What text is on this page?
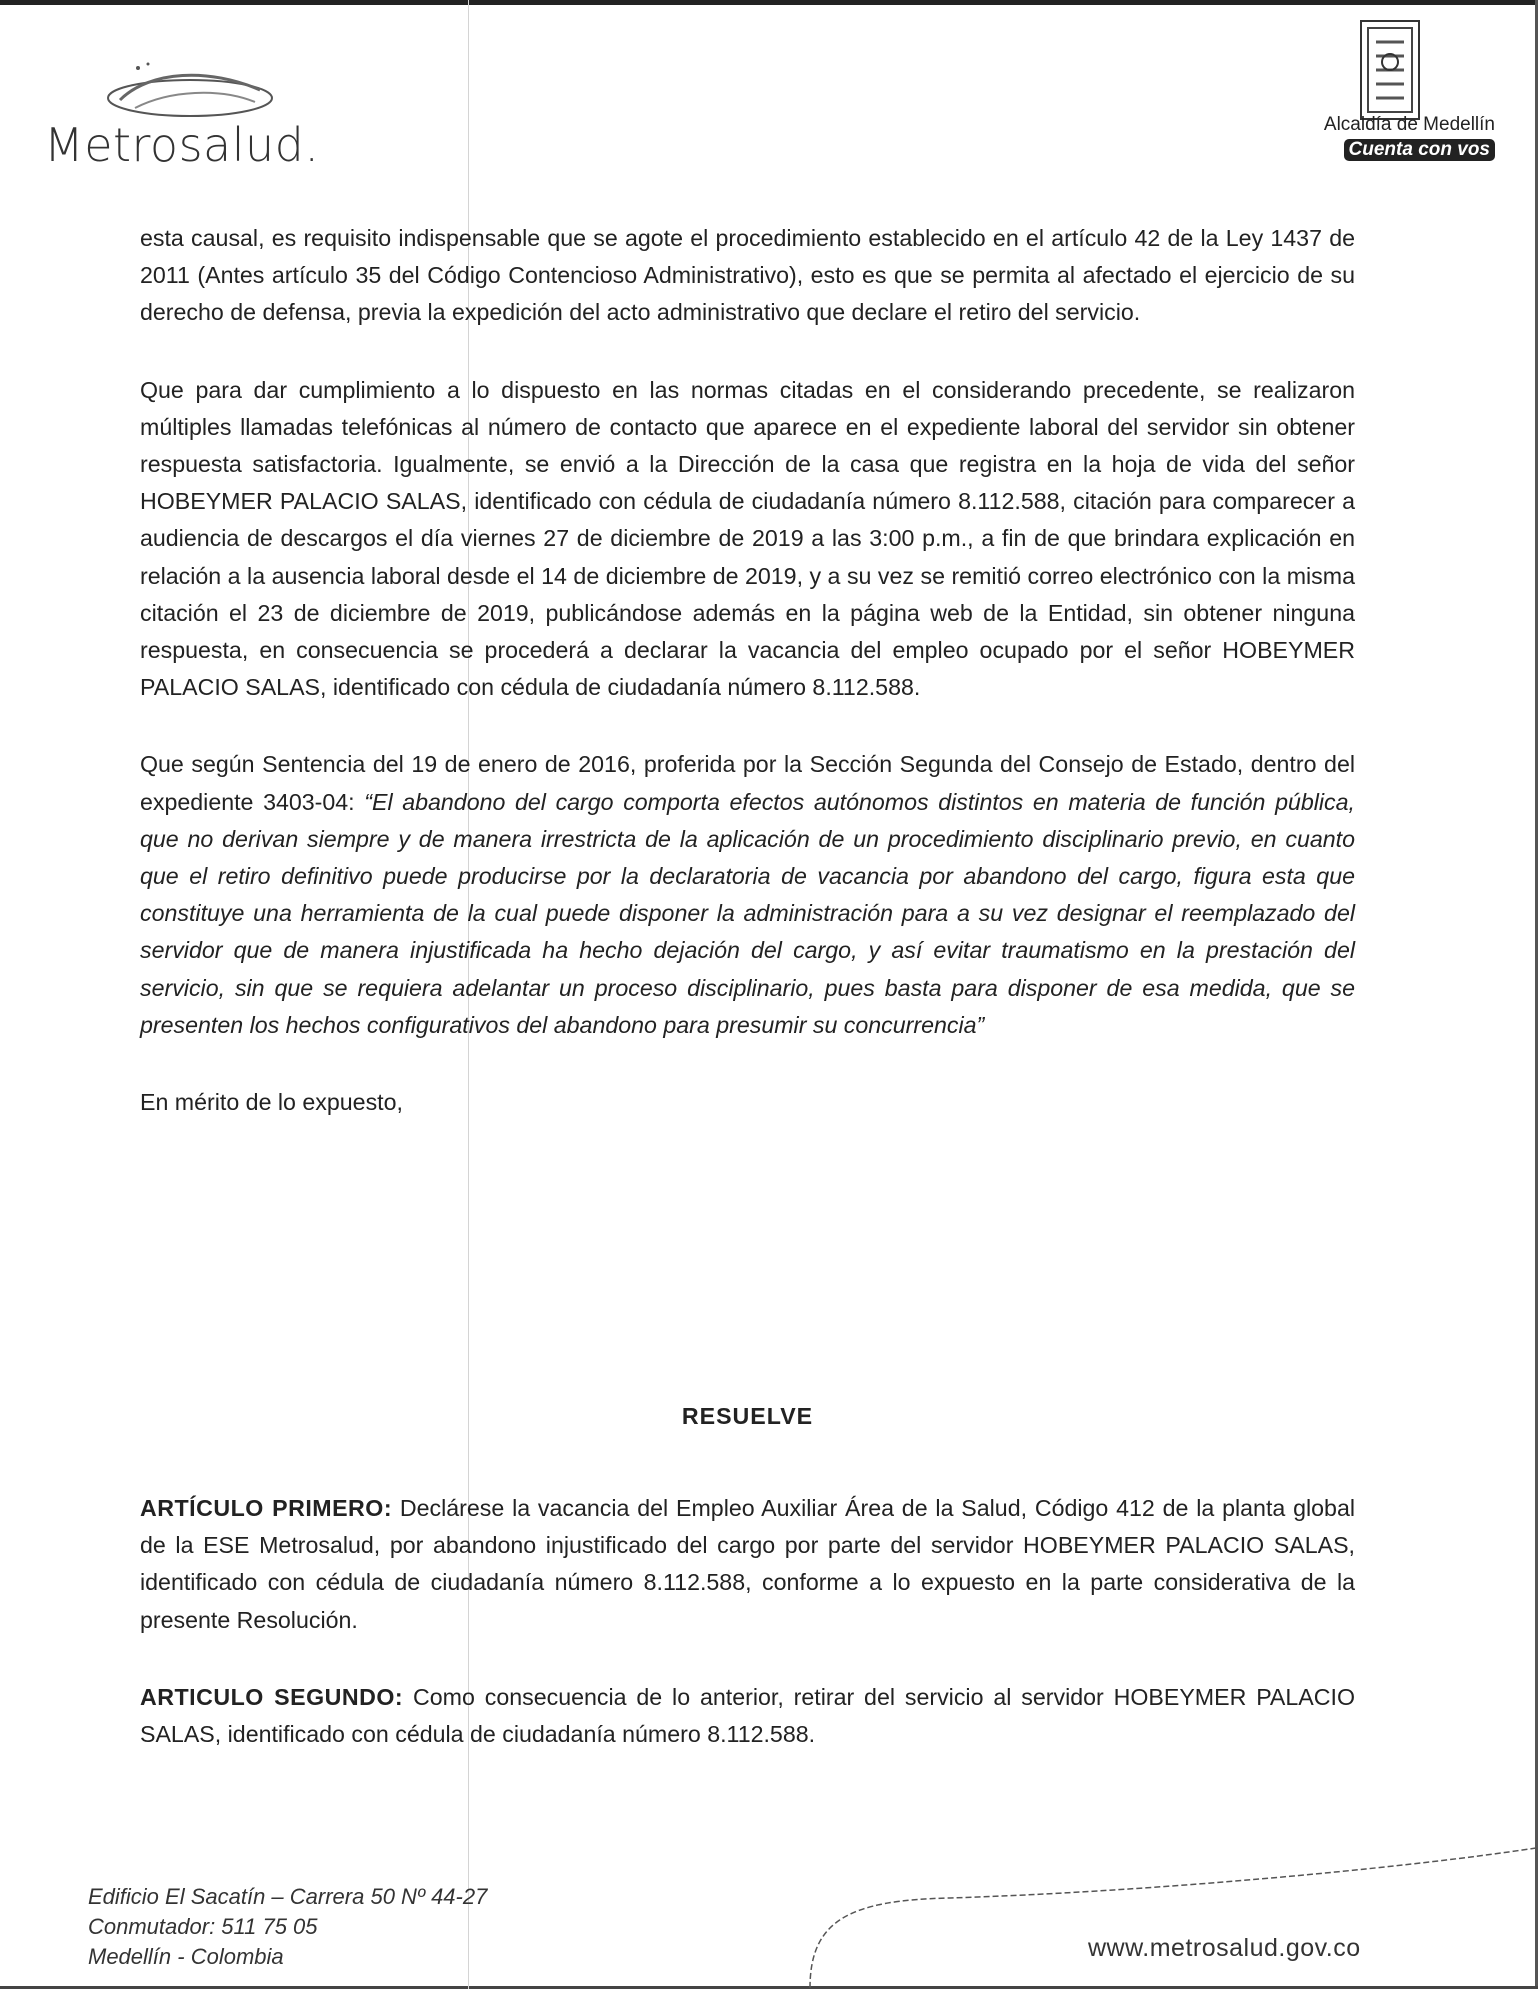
Metrosalud.	Alcaldía de Medellín
Cuenta con vos

esta causal, es requisito indispensable que se agote el procedimiento establecido en el artículo 42 de la Ley 1437 de 2011 (Antes artículo 35 del Código Contencioso Administrativo), esto es que se permita al afectado el ejercicio de su derecho de defensa, previa la expedición del acto administrativo que declare el retiro del servicio.

Que para dar cumplimiento a lo dispuesto en las normas citadas en el considerando precedente, se realizaron múltiples llamadas telefónicas al número de contacto que aparece en el expediente laboral del servidor sin obtener respuesta satisfactoria. Igualmente, se envió a la Dirección de la casa que registra en la hoja de vida del señor HOBEYMER PALACIO SALAS, identificado con cédula de ciudadanía número 8.112.588, citación para comparecer a audiencia de descargos el día viernes 27 de diciembre de 2019 a las 3:00 p.m., a fin de que brindara explicación en relación a la ausencia laboral desde el 14 de diciembre de 2019, y a su vez se remitió correo electrónico con la misma citación el 23 de diciembre de 2019, publicándose además en la página web de la Entidad, sin obtener ninguna respuesta, en consecuencia se procederá a declarar la vacancia del empleo ocupado por el señor HOBEYMER PALACIO SALAS, identificado con cédula de ciudadanía número 8.112.588.

Que según Sentencia del 19 de enero de 2016, proferida por la Sección Segunda del Consejo de Estado, dentro del expediente 3403-04: “El abandono del cargo comporta efectos autónomos distintos en materia de función pública, que no derivan siempre y de manera irrestricta de la aplicación de un procedimiento disciplinario previo, en cuanto que el retiro definitivo puede producirse por la declaratoria de vacancia por abandono del cargo, figura esta que constituye una herramienta de la cual puede disponer la administración para a su vez designar el reemplazado del servidor que de manera injustificada ha hecho dejación del cargo, y así evitar traumatismo en la prestación del servicio, sin que se requiera adelantar un proceso disciplinario, pues basta para disponer de esa medida, que se presenten los hechos configurativos del abandono para presumir su concurrencia”

En mérito de lo expuesto,

RESUELVE

ARTÍCULO PRIMERO: Declárese la vacancia del Empleo Auxiliar Área de la Salud, Código 412 de la planta global de la ESE Metrosalud, por abandono injustificado del cargo por parte del servidor HOBEYMER PALACIO SALAS, identificado con cédula de ciudadanía número 8.112.588, conforme a lo expuesto en la parte considerativa de la presente Resolución.

ARTICULO SEGUNDO: Como consecuencia de lo anterior, retirar del servicio al servidor HOBEYMER PALACIO SALAS, identificado con cédula de ciudadanía número 8.112.588.

Edificio El Sacatín – Carrera 50 Nº 44-27
Conmutador: 511 75 05
Medellín - Colombia	www.metrosalud.gov.co
